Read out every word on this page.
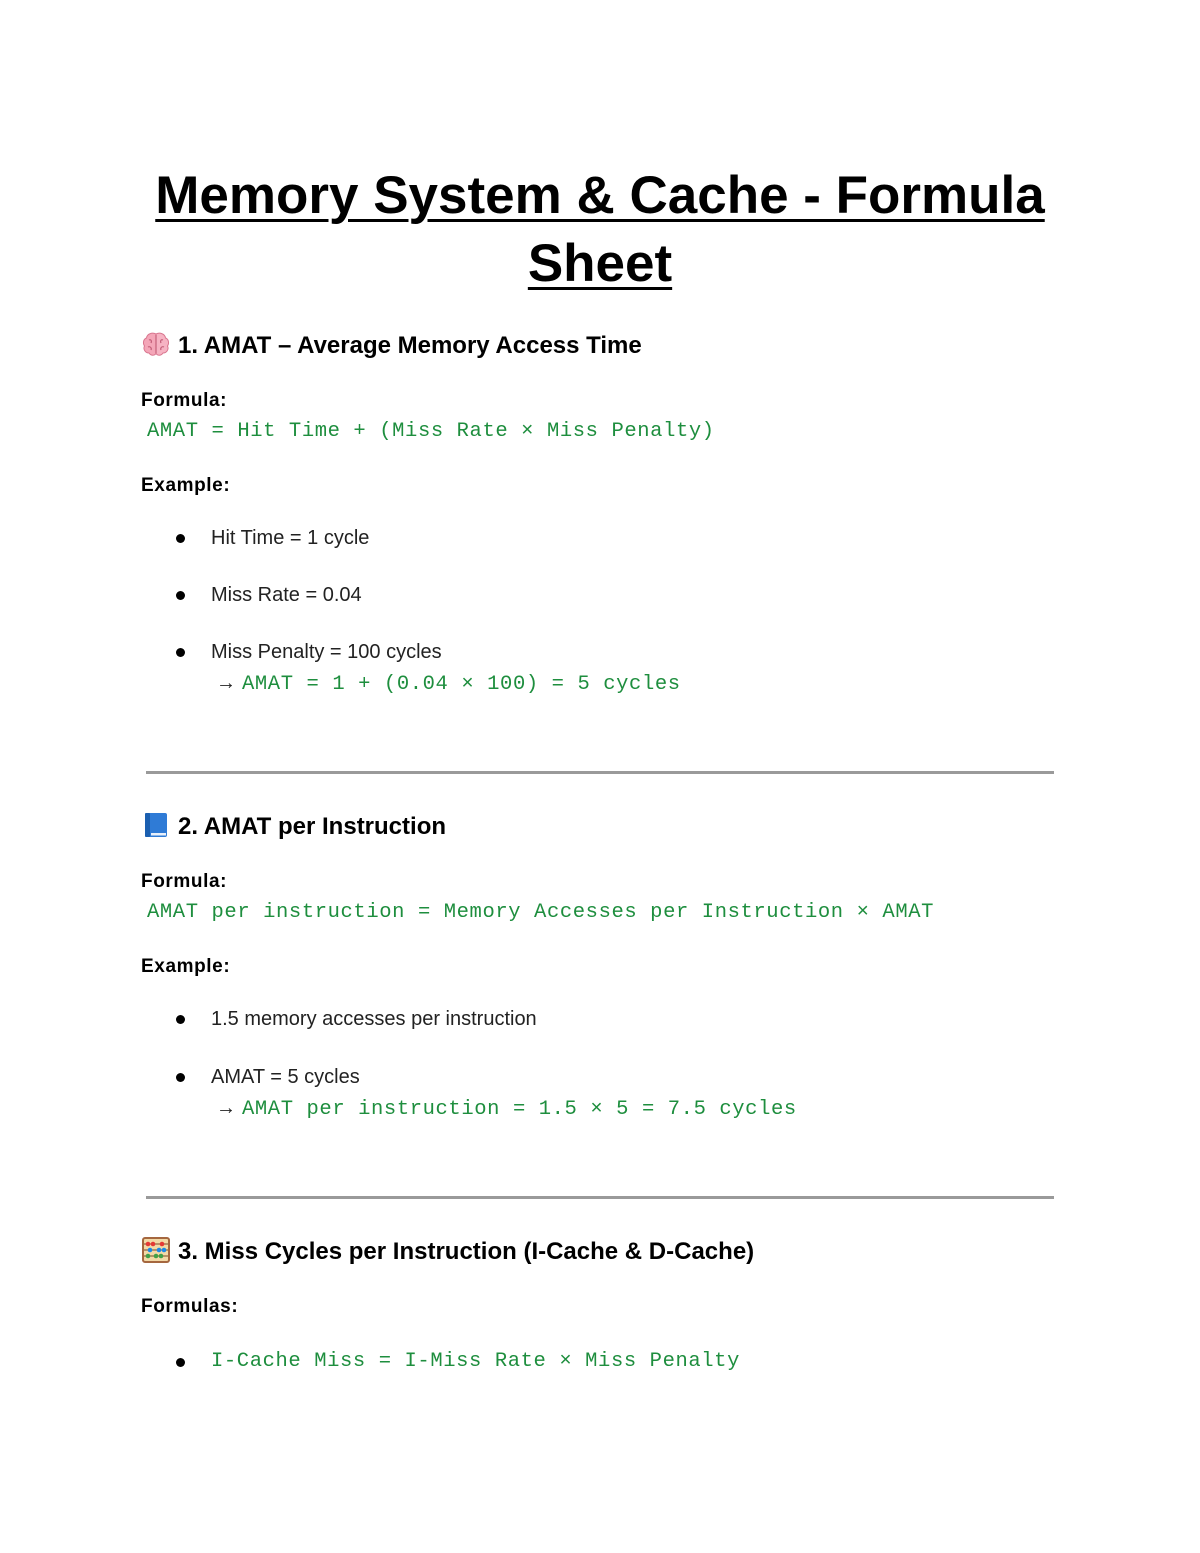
Memory System & Cache - Formula Sheet
1. AMAT – Average Memory Access Time
Formula:
AMAT = Hit Time + (Miss Rate × Miss Penalty)
Example:
Hit Time = 1 cycle
Miss Rate = 0.04
Miss Penalty = 100 cycles
→ AMAT = 1 + (0.04 × 100) = 5 cycles
2. AMAT per Instruction
Formula:
AMAT per instruction = Memory Accesses per Instruction × AMAT
Example:
1.5 memory accesses per instruction
AMAT = 5 cycles
→ AMAT per instruction = 1.5 × 5 = 7.5 cycles
3. Miss Cycles per Instruction (I-Cache & D-Cache)
Formulas:
I-Cache Miss = I-Miss Rate × Miss Penalty
